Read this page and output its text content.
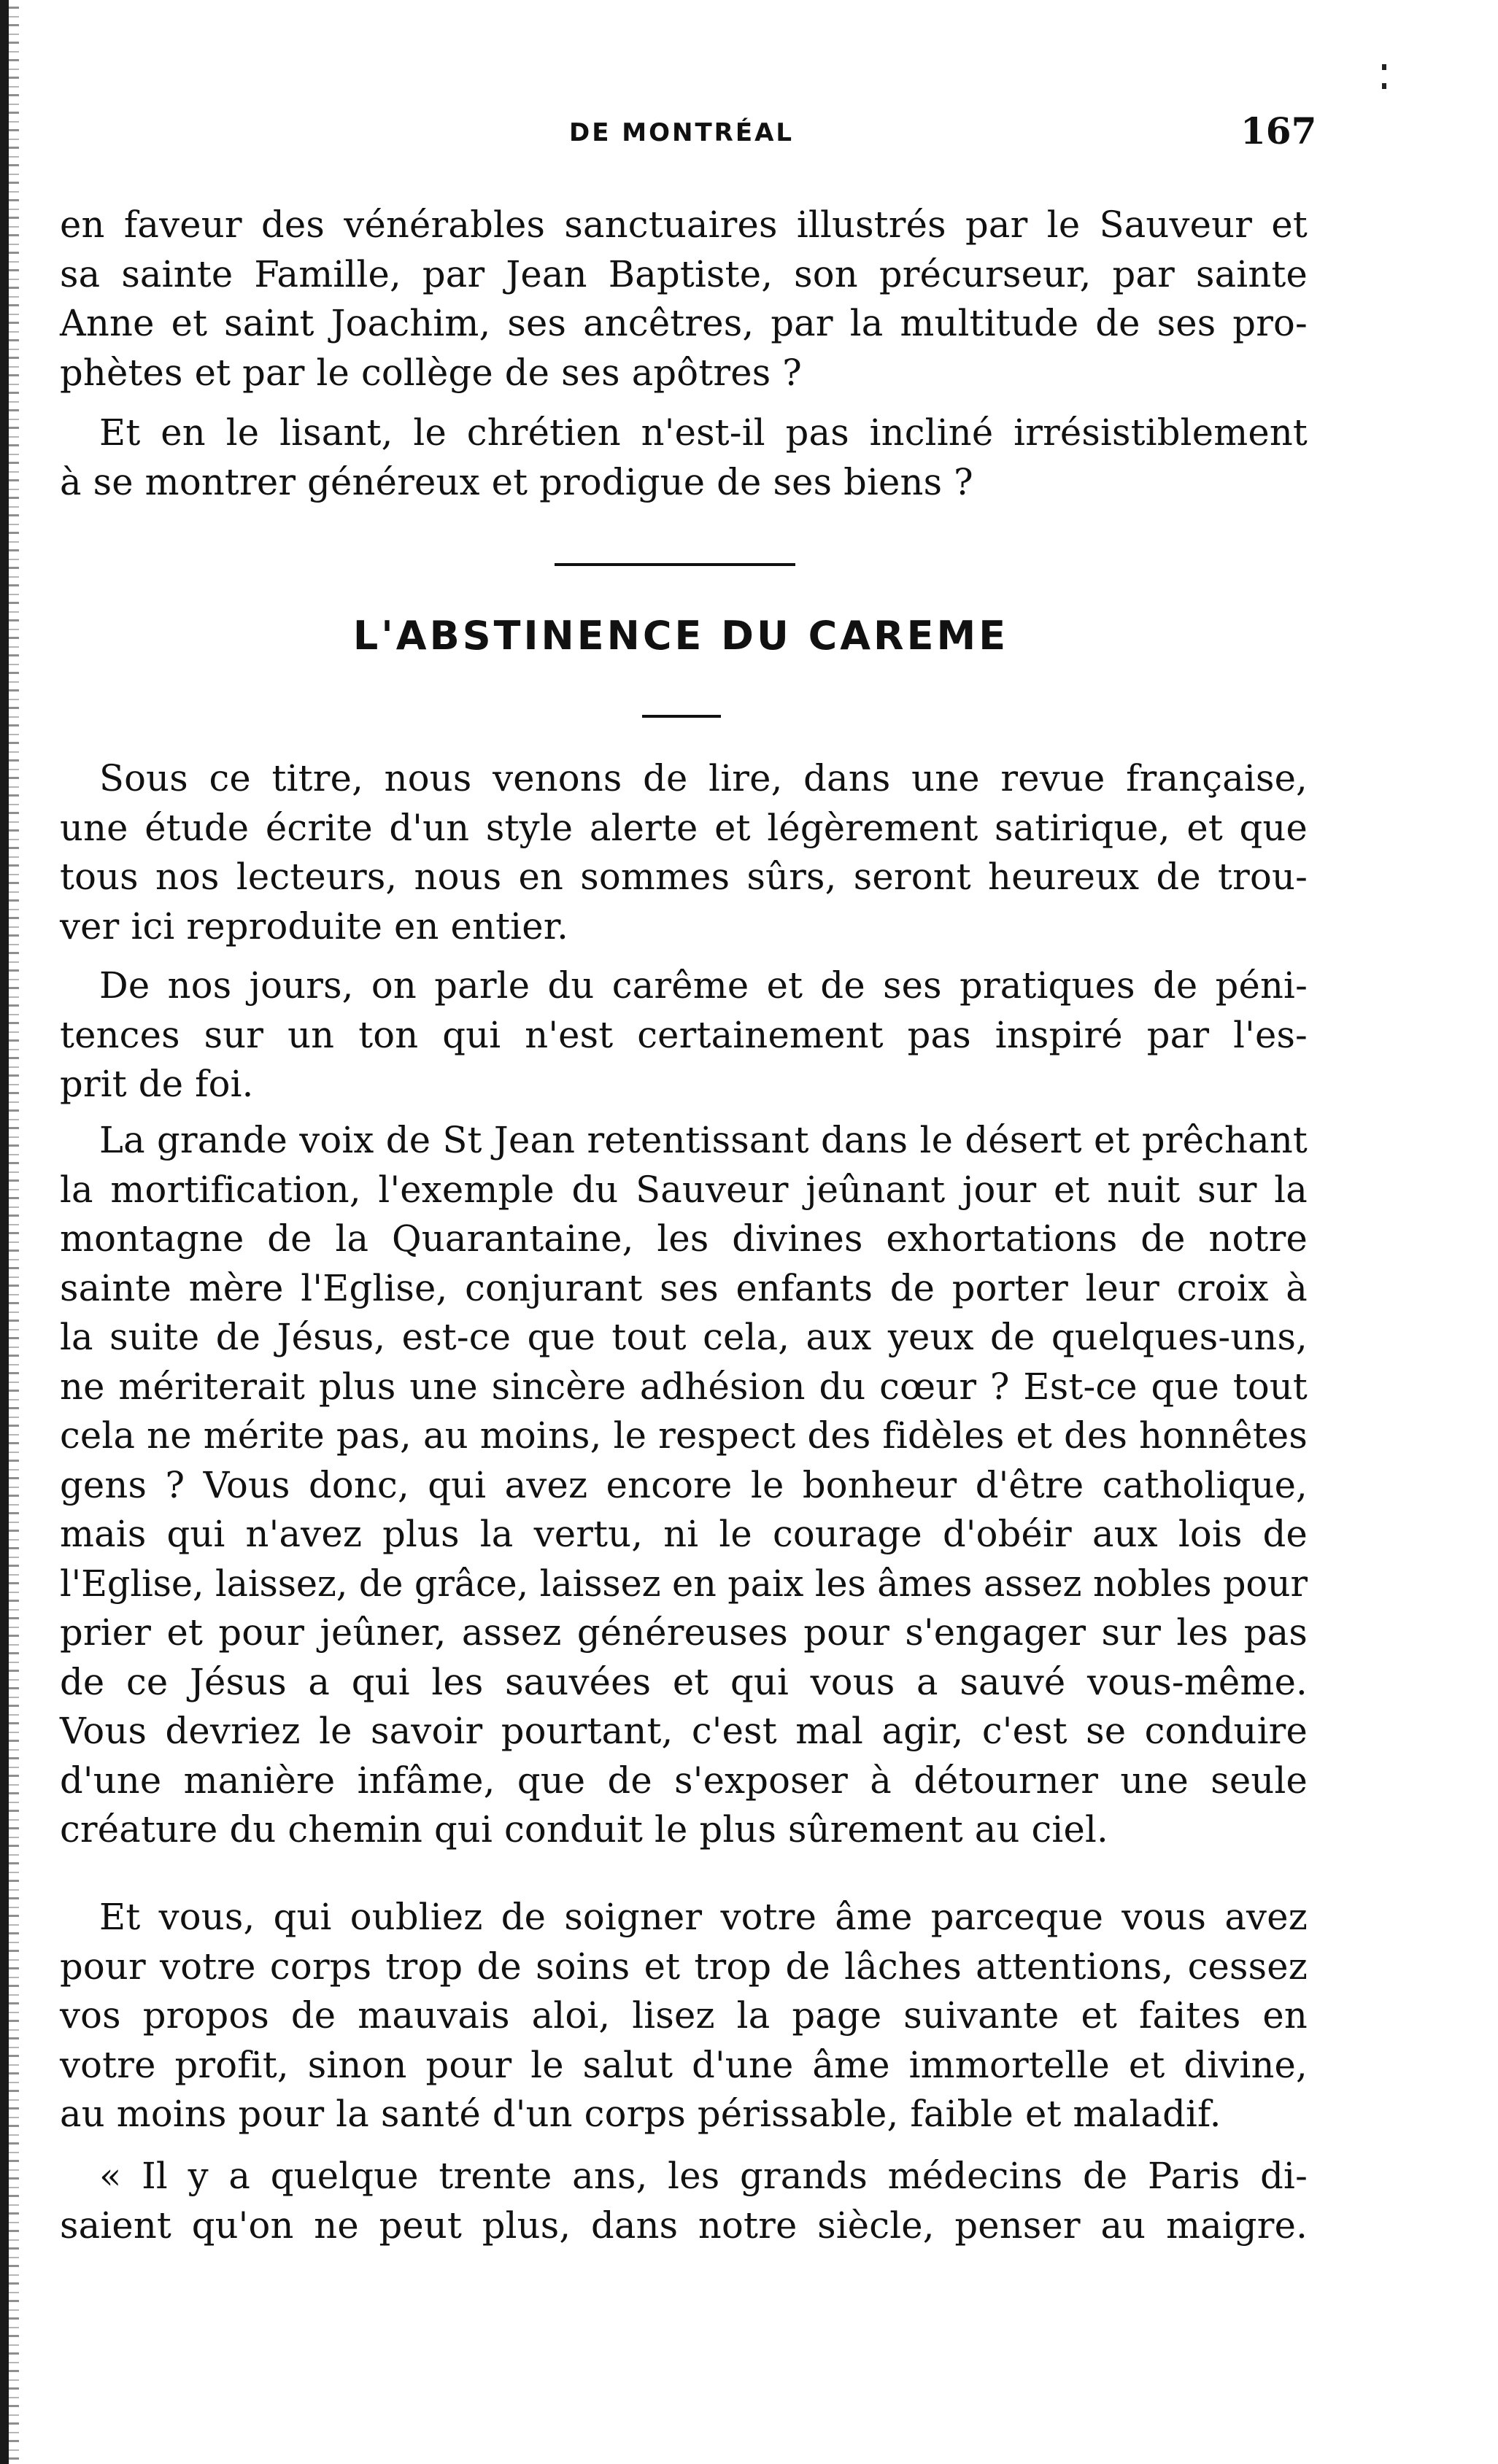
DE MONTRÉAL	167
en faveur des vénérables sanctuaires illustrés par le Sauveur et
sa sainte Famille, par Jean Baptiste, son précurseur, par sainte
Anne et saint Joachim, ses ancêtres, par la multitude de ses pro-
phètes et par le collège de ses apôtres ?
Et en le lisant, le chrétien n'est-il pas incliné irrésistiblement
à se montrer généreux et prodigue de ses biens ?
L'ABSTINENCE DU CAREME
Sous ce titre, nous venons de lire, dans une revue française,
une étude écrite d'un style alerte et légèrement satirique, et que
tous nos lecteurs, nous en sommes sûrs, seront heureux de trou-
ver ici reproduite en entier.
De nos jours, on parle du carême et de ses pratiques de péni-
tences sur un ton qui n'est certainement pas inspiré par l'es-
prit de foi.
La grande voix de St Jean retentissant dans le désert et prêchant
la mortification, l'exemple du Sauveur jeûnant jour et nuit sur la
montagne de la Quarantaine, les divines exhortations de notre
sainte mère l'Eglise, conjurant ses enfants de porter leur croix à
la suite de Jésus, est-ce que tout cela, aux yeux de quelques-uns,
ne mériterait plus une sincère adhésion du cœur ? Est-ce que tout
cela ne mérite pas, au moins, le respect des fidèles et des honnêtes
gens ? Vous donc, qui avez encore le bonheur d'être catholique,
mais qui n'avez plus la vertu, ni le courage d'obéir aux lois de
l'Eglise, laissez, de grâce, laissez en paix les âmes assez nobles pour
prier et pour jeûner, assez généreuses pour s'engager sur les pas
de ce Jésus a qui les sauvées et qui vous a sauvé vous-même.
Vous devriez le savoir pourtant, c'est mal agir, c'est se conduire
d'une manière infâme, que de s'exposer à détourner une seule
créature du chemin qui conduit le plus sûrement au ciel.
Et vous, qui oubliez de soigner votre âme parceque vous avez
pour votre corps trop de soins et trop de lâches attentions, cessez
vos propos de mauvais aloi, lisez la page suivante et faites en
votre profit, sinon pour le salut d'une âme immortelle et divine,
au moins pour la santé d'un corps périssable, faible et maladif.
« Il y a quelque trente ans, les grands médecins de Paris di-
saient qu'on ne peut plus, dans notre siècle, penser au maigre.
